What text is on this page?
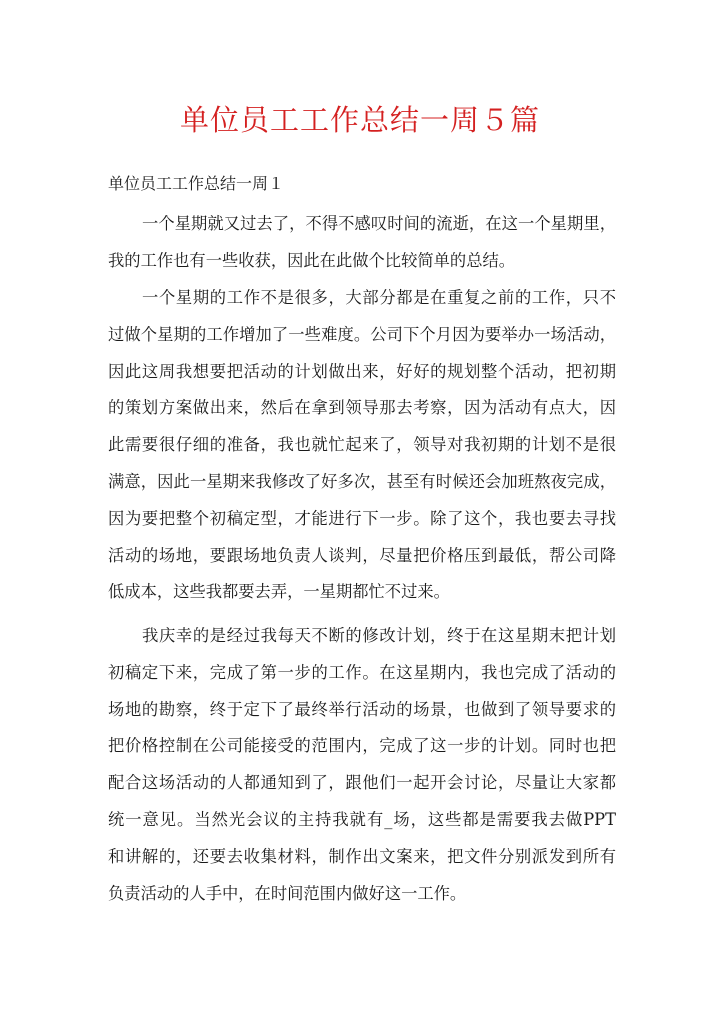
单位员工工作总结一周５篇
单位员工工作总结一周１
一个星期就又过去了，不得不感叹时间的流逝，在这一个星期里，
我的工作也有一些收获，因此在此做个比较简单的总结。
一个星期的工作不是很多，大部分都是在重复之前的工作，只不
过做个星期的工作增加了一些难度。公司下个月因为要举办一场活动，
因此这周我想要把活动的计划做出来，好好的规划整个活动，把初期
的策划方案做出来，然后在拿到领导那去考察，因为活动有点大，因
此需要很仔细的准备，我也就忙起来了，领导对我初期的计划不是很
满意，因此一星期来我修改了好多次，甚至有时候还会加班熬夜完成，
因为要把整个初稿定型，才能进行下一步。除了这个，我也要去寻找
活动的场地，要跟场地负责人谈判，尽量把价格压到最低，帮公司降
低成本，这些我都要去弄，一星期都忙不过来。
我庆幸的是经过我每天不断的修改计划，终于在这星期末把计划
初稿定下来，完成了第一步的工作。在这星期内，我也完成了活动的
场地的勘察，终于定下了最终举行活动的场景，也做到了领导要求的
把价格控制在公司能接受的范围内，完成了这一步的计划。同时也把
配合这场活动的人都通知到了，跟他们一起开会讨论，尽量让大家都
统一意见。当然光会议的主持我就有_场，这些都是需要我去做PPT
和讲解的，还要去收集材料，制作出文案来，把文件分别派发到所有
负责活动的人手中，在时间范围内做好这一工作。
